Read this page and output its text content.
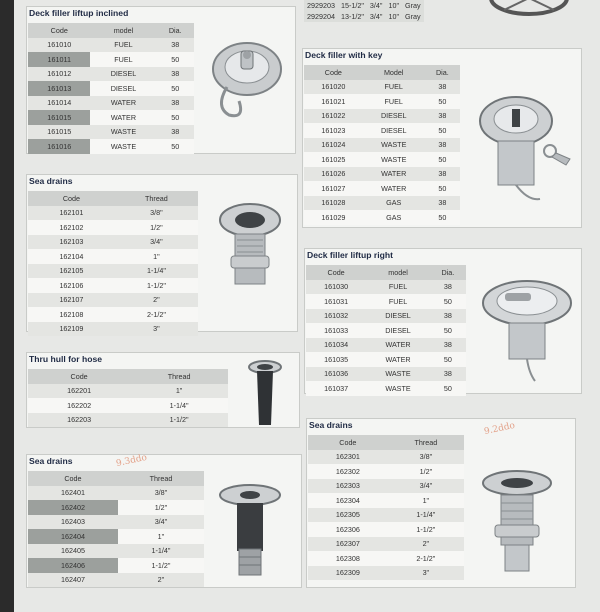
2929203	15-1/2"	3/4"	10"	Gray
2929204	13-1/2"	3/4"	10"	Gray
Deck filler liftup inclined
Code	model	Dia.
161010	FUEL	38
161011	FUEL	50
161012	DIESEL	38
161013	DIESEL	50
161014	WATER	38
161015	WATER	50
161015	WASTE	38
161016	WASTE	50
Sea drains
Code	Thread
162101	3/8"
162102	1/2"
162103	3/4"
162104	1"
162105	1-1/4"
162106	1-1/2"
162107	2"
162108	2-1/2"
162109	3"
Thru hull for hose
Code	Thread
162201	1"
162202	1-1/4"
162203	1-1/2"
Sea drains
Code	Thread
162401	3/8"
162402	1/2"
162403	3/4"
162404	1"
162405	1-1/4"
162406	1-1/2"
162407	2"
9.3ddo
Deck filler with key
Code	Model	Dia.
161020	FUEL	38
161021	FUEL	50
161022	DIESEL	38
161023	DIESEL	50
161024	WASTE	38
161025	WASTE	50
161026	WATER	38
161027	WATER	50
161028	GAS	38
161029	GAS	50
Deck filler liftup right
Code	model	Dia.
161030	FUEL	38
161031	FUEL	50
161032	DIESEL	38
161033	DIESEL	50
161034	WATER	38
161035	WATER	50
161036	WASTE	38
161037	WASTE	50
Sea drains
Code	Thread
162301	3/8"
162302	1/2"
162303	3/4"
162304	1"
162305	1-1/4"
162306	1-1/2"
162307	2"
162308	2-1/2"
162309	3"
9.2ddo
